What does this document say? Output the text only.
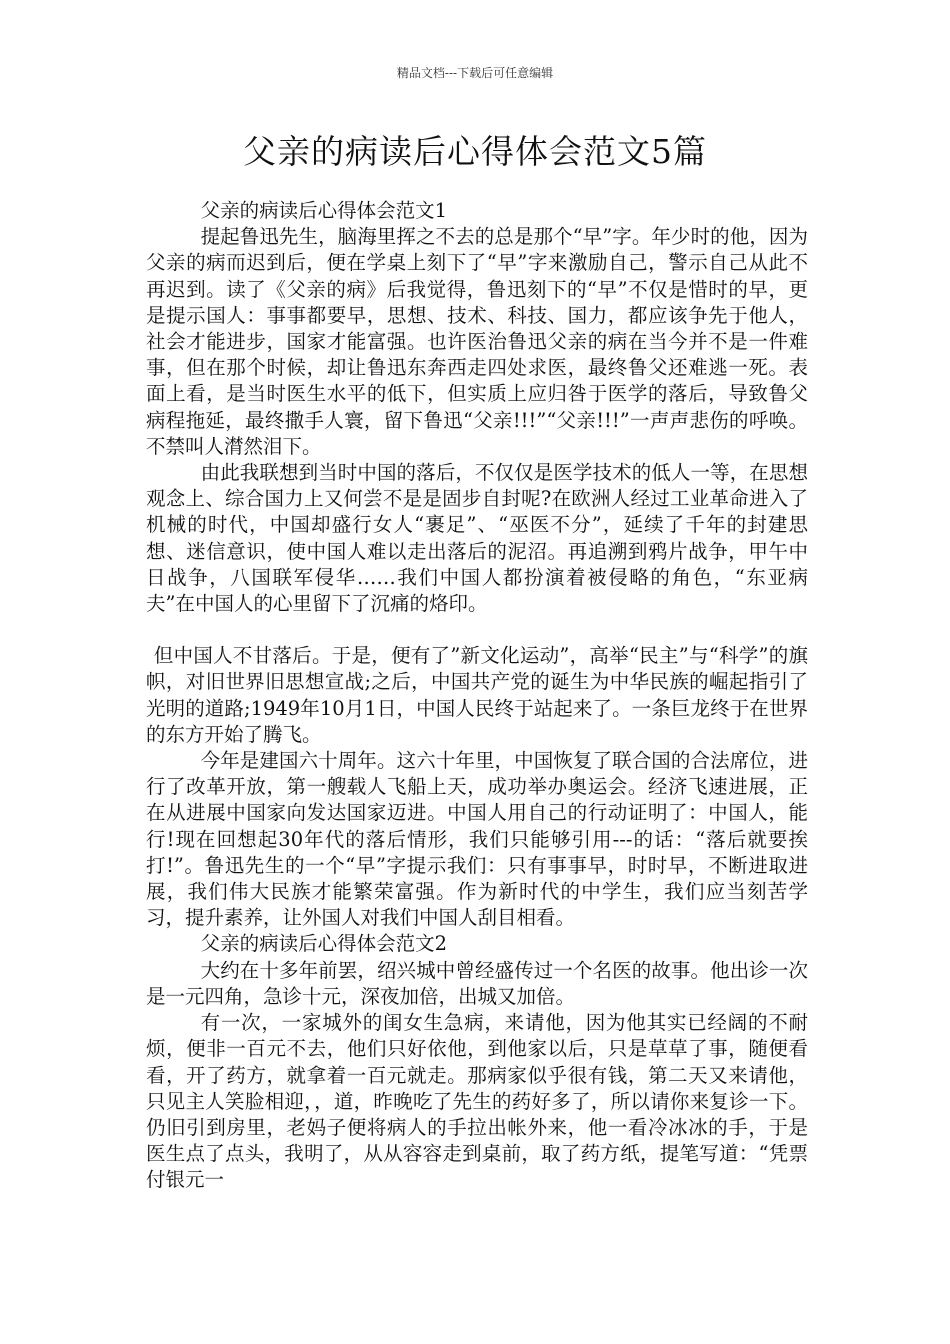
精品文档---下载后可任意编辑
父亲的病读后心得体会范文5篇

父亲的病读后心得体会范文1

提起鲁迅先生，脑海里挥之不去的总是那个“早”字。年少时的他，因为父亲的病而迟到后，便在学桌上刻下了“早”字来激励自己，警示自己从此不再迟到。读了《父亲的病》后我觉得，鲁迅刻下的“早”不仅是惜时的早，更是提示国人：事事都要早，思想、技术、科技、国力，都应该争先于他人，社会才能进步，国家才能富强。也许医治鲁迅父亲的病在当今并不是一件难事，但在那个时候，却让鲁迅东奔西走四处求医，最终鲁父还难逃一死。表面上看，是当时医生水平的低下，但实质上应归咎于医学的落后，导致鲁父病程拖延，最终撒手人寰，留下鲁迅“父亲!!!”“父亲!!!”一声声悲伤的呼唤。不禁叫人潸然泪下。

由此我联想到当时中国的落后，不仅仅是医学技术的低人一等，在思想观念上、综合国力上又何尝不是是固步自封呢?在欧洲人经过工业革命进入了机械的时代，中国却盛行女人“裹足”、“巫医不分”，延续了千年的封建思想、迷信意识，使中国人难以走出落后的泥沼。再追溯到鸦片战争，甲午中日战争，八国联军侵华……我们中国人都扮演着被侵略的角色，“东亚病夫”在中国人的心里留下了沉痛的烙印。

但中国人不甘落后。于是，便有了”新文化运动”，高举“民主”与“科学”的旗帜，对旧世界旧思想宣战;之后，中国共产党的诞生为中华民族的崛起指引了光明的道路;1949年10月1日，中国人民终于站起来了。一条巨龙终于在世界的东方开始了腾飞。

今年是建国六十周年。这六十年里，中国恢复了联合国的合法席位，进行了改革开放，第一艘载人飞船上天，成功举办奥运会。经济飞速进展，正在从进展中国家向发达国家迈进。中国人用自己的行动证明了：中国人，能行!现在回想起30年代的落后情形，我们只能够引用---的话：“落后就要挨打!”。鲁迅先生的一个“早”字提示我们：只有事事早，时时早，不断进取进展，我们伟大民族才能繁荣富强。作为新时代的中学生，我们应当刻苦学习，提升素养，让外国人对我们中国人刮目相看。

父亲的病读后心得体会范文2

大约在十多年前罢，绍兴城中曾经盛传过一个名医的故事。他出诊一次是一元四角，急诊十元，深夜加倍，出城又加倍。

有一次，一家城外的闺女生急病，来请他，因为他其实已经阔的不耐烦，便非一百元不去，他们只好依他，到他家以后，只是草草了事，随便看看，开了药方，就拿着一百元就走。那病家似乎很有钱，第二天又来请他，只见主人笑脸相迎，，道，昨晚吃了先生的药好多了，所以请你来复诊一下。仍旧引到房里，老妈子便将病人的手拉出帐外来，他一看冷冰冰的手，于是医生点了点头，我明了，从从容容走到桌前，取了药方纸，提笔写道：“凭票付银元一
